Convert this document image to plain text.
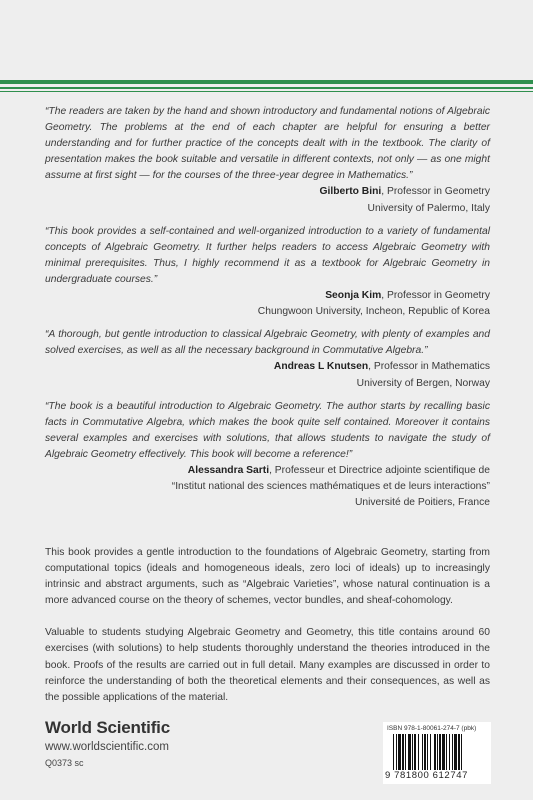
“The readers are taken by the hand and shown introductory and fundamental notions of Algebraic Geometry. The problems at the end of each chapter are helpful for ensuring a better understanding and for further practice of the concepts dealt with in the textbook. The clarity of presentation makes the book suitable and versatile in different contexts, not only — as one might assume at first sight — for the courses of the three-year degree in Mathematics.”

Gilberto Bini, Professor in Geometry

University of Palermo, Italy

“This book provides a self-contained and well-organized introduction to a variety of fundamental concepts of Algebraic Geometry. It further helps readers to access Algebraic Geometry with minimal prerequisites. Thus, I highly recommend it as a textbook for Algebraic Geometry in undergraduate courses.”

Seonja Kim, Professor in Geometry

Chungwoon University, Incheon, Republic of Korea

“A thorough, but gentle introduction to classical Algebraic Geometry, with plenty of examples and solved exercises, as well as all the necessary background in Commutative Algebra.”

Andreas L Knutsen, Professor in Mathematics

University of Bergen, Norway

“The book is a beautiful introduction to Algebraic Geometry. The author starts by recalling basic facts in Commutative Algebra, which makes the book quite self contained. Moreover it contains several examples and exercises with solutions, that allows students to navigate the study of Algebraic Geometry effectively. This book will become a reference!”

Alessandra Sarti, Professeur et Directrice adjointe scientifique de

“Institut national des sciences mathématiques et de leurs interactions”

Université de Poitiers, France

This book provides a gentle introduction to the foundations of Algebraic Geometry, starting from computational topics (ideals and homogeneous ideals, zero loci of ideals) up to increasingly intrinsic and abstract arguments, such as “Algebraic Varieties”, whose natural continuation is a more advanced course on the theory of schemes, vector bundles, and sheaf-cohomology.

Valuable to students studying Algebraic Geometry and Geometry, this title contains around 60 exercises (with solutions) to help students thoroughly understand the theories introduced in the book. Proofs of the results are carried out in full detail. Many examples are discussed in order to reinforce the understanding of both the theoretical elements and their consequences, as well as the possible applications of the material.

World Scientific
www.worldscientific.com
Q0373 sc
ISBN 978-1-80061-274-7 (pbk)
9 781800 612747
